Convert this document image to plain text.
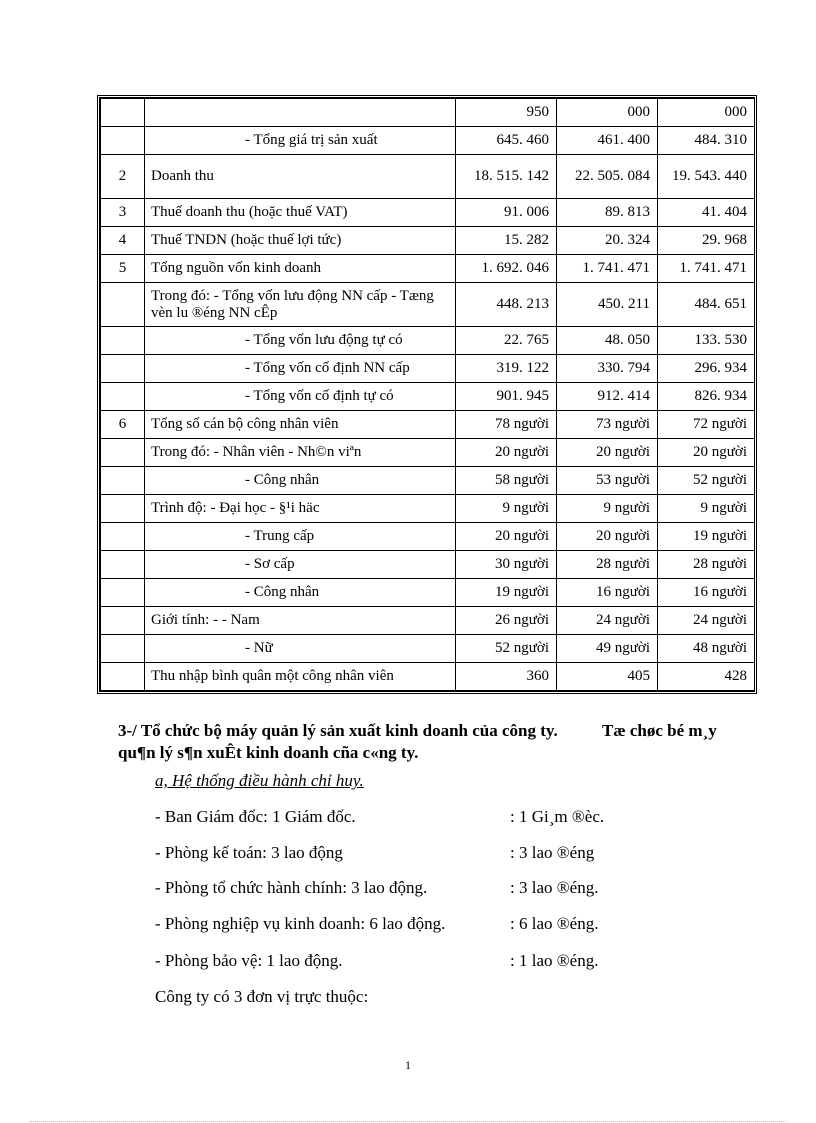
		950	000	000
	- Tổng giá trị sản xuất	645. 460	461. 400	484. 310
2	Doanh thu	18. 515. 142	22. 505. 084	19. 543. 440
3	Thuế doanh thu (hoặc thuế VAT)	91. 006	89. 813	41. 404
4	Thuế TNDN (hoặc thuế lợi tức)	15. 282	20. 324	29. 968
5	Tổng nguồn vốn kinh doanh	1. 692. 046	1. 741. 471	1. 741. 471
	Trong đó: - Tổng vốn lưu động NN cấp - Tæng vèn lu ®éng NN cÊp	448. 213	450. 211	484. 651
	- Tổng vốn lưu động tự có	22. 765	48. 050	133. 530
	- Tổng vốn cố định NN cấp	319. 122	330. 794	296. 934
	- Tổng vốn cố định tự có	901. 945	912. 414	826. 934
6	Tổng số cán bộ công nhân viên	78 người	73 người	72 người
	Trong đó: - Nhân viên - Nh©n viªn	20 người	20 người	20 người
	- Công nhân	58 người	53 người	52 người
	Trình độ: - Đại học - §¹i häc	9 người	9 người	9 người
	- Trung cấp	20 người	20 người	19 người
	- Sơ cấp	30 người	28 người	28 người
	- Công nhân	19 người	16 người	16 người
	Giới tính: - - Nam	26 người	24 người	24 người
	- Nữ	52 người	49 người	48 người
	Thu nhập bình quân một công nhân viên	360	405	428
3-/ Tổ chức bộ máy quản lý sản xuất kinh doanh của công ty.	Tæ chøc bé m¸y qu¶n lý s¶n xuÊt kinh doanh cña c«ng ty.
a, Hệ thống điều hành chỉ huy.
- Ban Giám đốc: 1 Giám đốc.	: 1 Gi¸m ®èc.
- Phòng kế toán: 3 lao động	: 3 lao ®éng
- Phòng tổ chức hành chính: 3 lao động.	: 3 lao ®éng.
- Phòng nghiệp vụ kinh doanh: 6 lao động.	: 6 lao ®éng.
- Phòng bảo vệ: 1 lao động.	: 1 lao ®éng.
Công ty có 3 đơn vị trực thuộc:
1
